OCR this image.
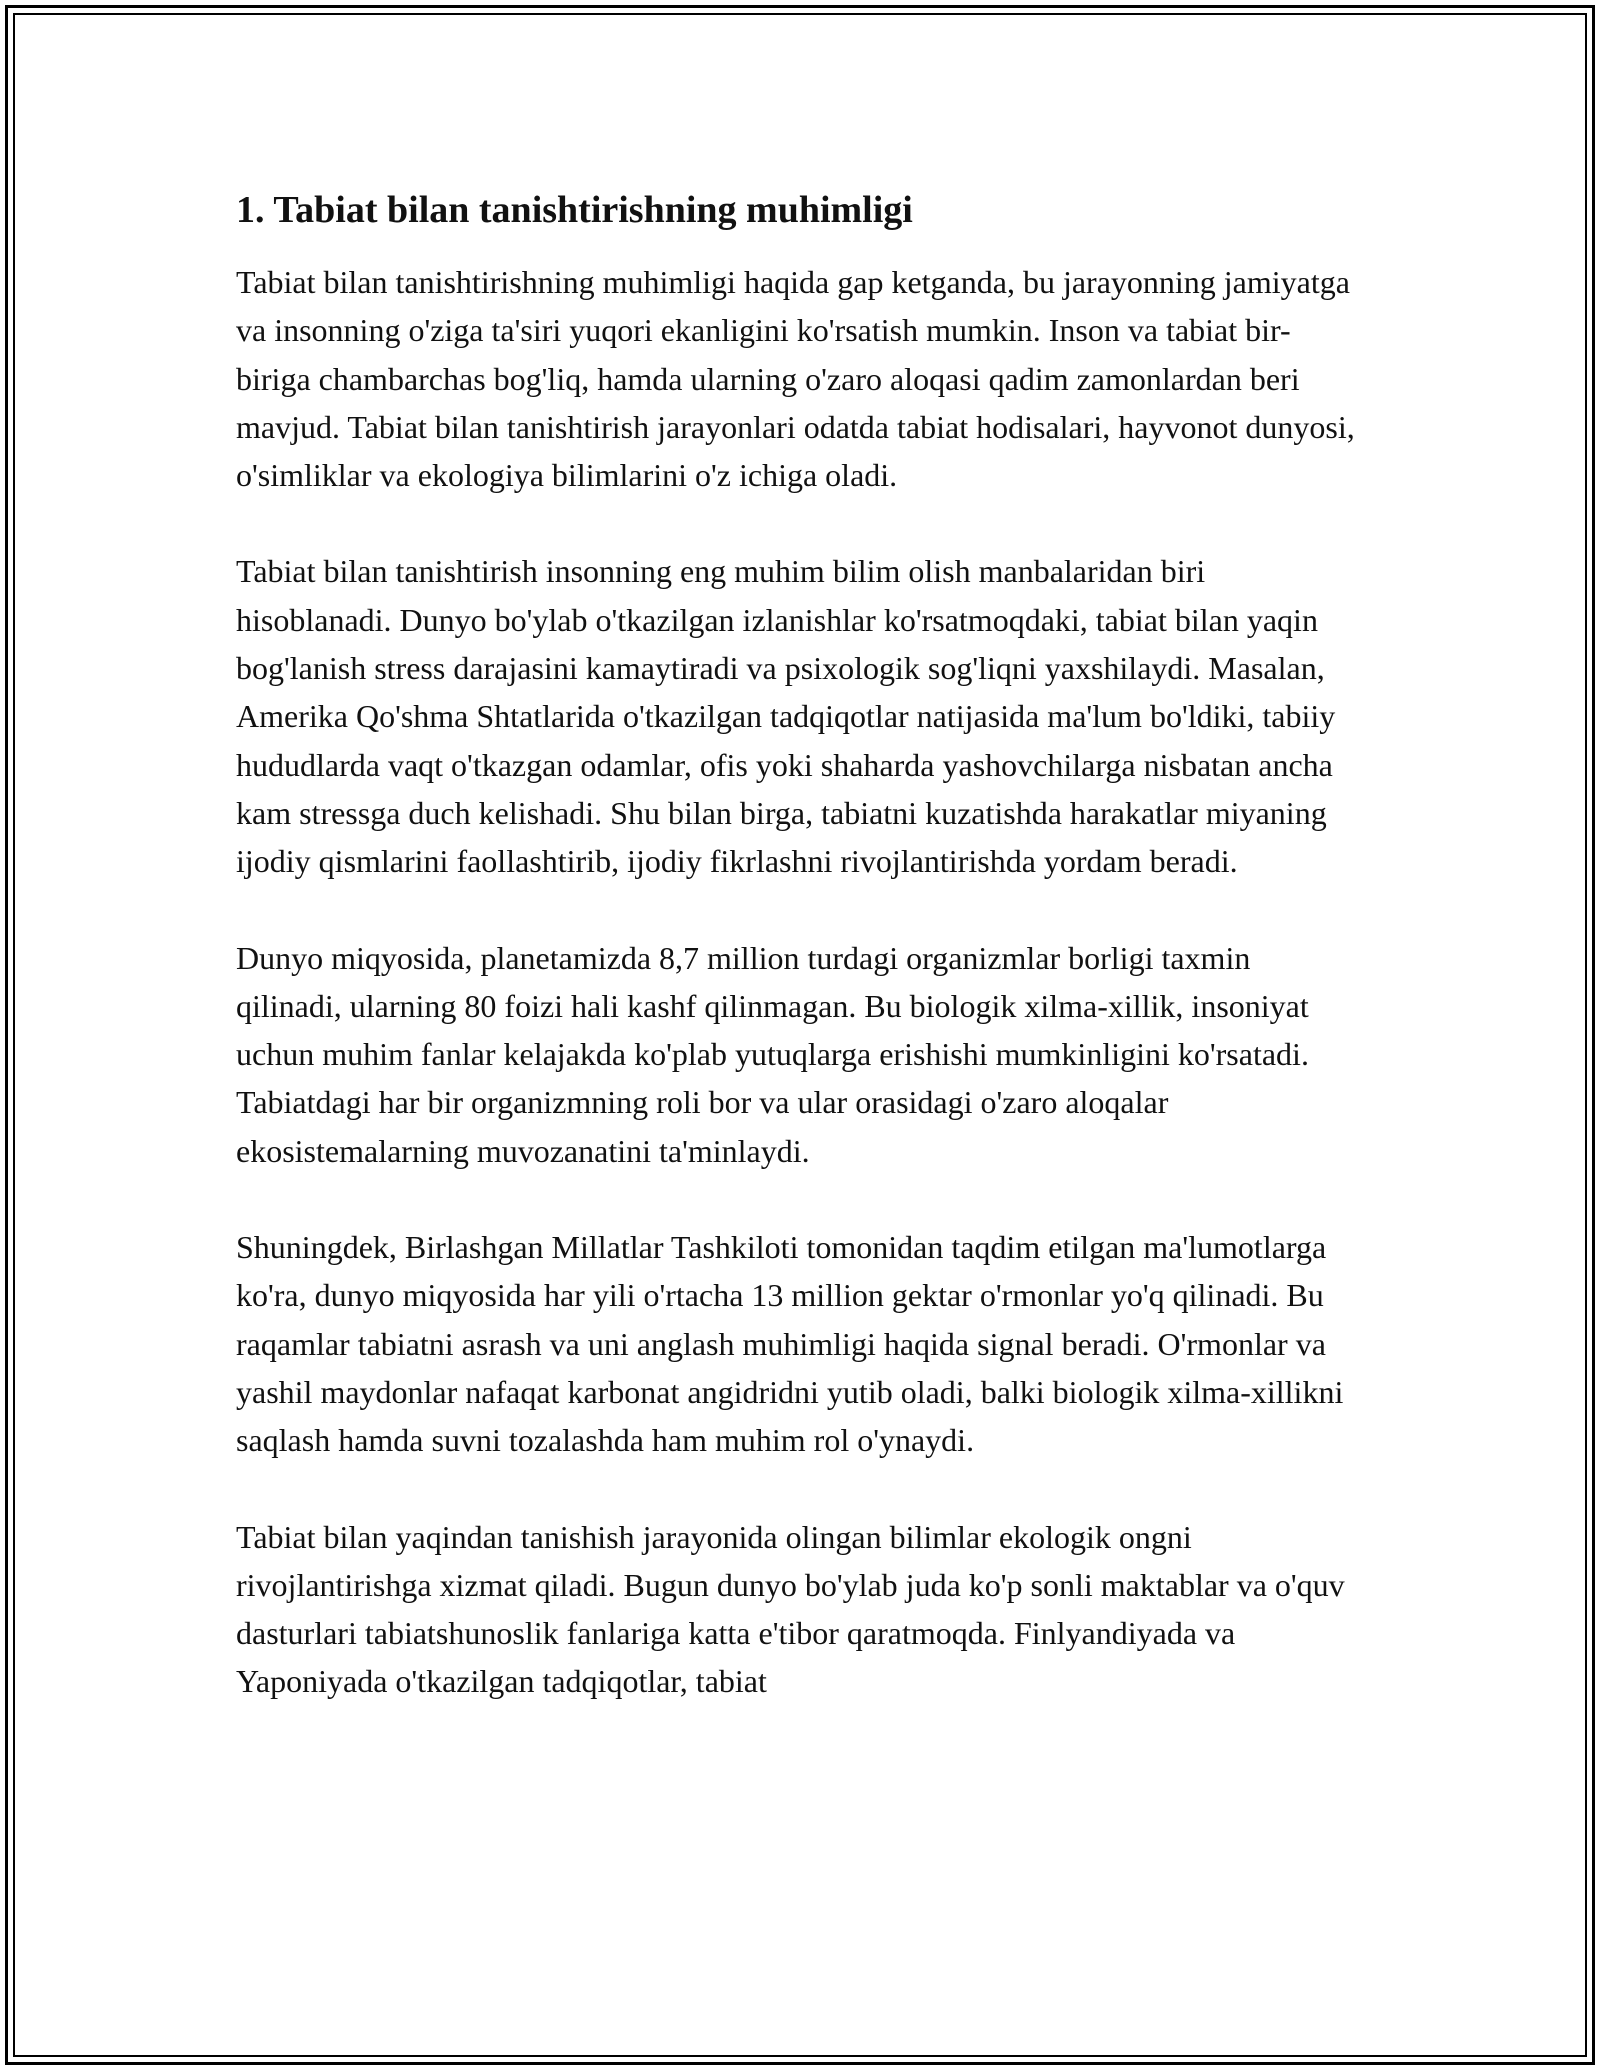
1. Tabiat bilan tanishtirishning muhimligi

Tabiat bilan tanishtirishning muhimligi haqida gap ketganda, bu jarayonning jamiyatga va insonning o'ziga ta'siri yuqori ekanligini ko'rsatish mumkin. Inson va tabiat bir-biriga chambarchas bog'liq, hamda ularning o'zaro aloqasi qadim zamonlardan beri mavjud. Tabiat bilan tanishtirish jarayonlari odatda tabiat hodisalari, hayvonot dunyosi, o'simliklar va ekologiya bilimlarini o'z ichiga oladi.

Tabiat bilan tanishtirish insonning eng muhim bilim olish manbalaridan biri hisoblanadi. Dunyo bo'ylab o'tkazilgan izlanishlar ko'rsatmoqdaki, tabiat bilan yaqin bog'lanish stress darajasini kamaytiradi va psixologik sog'liqni yaxshilaydi. Masalan, Amerika Qo'shma Shtatlarida o'tkazilgan tadqiqotlar natijasida ma'lum bo'ldiki, tabiiy hududlarda vaqt o'tkazgan odamlar, ofis yoki shaharda yashovchilarga nisbatan ancha kam stressga duch kelishadi. Shu bilan birga, tabiatni kuzatishda harakatlar miyaning ijodiy qismlarini faollashtirib, ijodiy fikrlashni rivojlantirishda yordam beradi.

Dunyo miqyosida, planetamizda 8,7 million turdagi organizmlar borligi taxmin qilinadi, ularning 80 foizi hali kashf qilinmagan. Bu biologik xilma-xillik, insoniyat uchun muhim fanlar kelajakda ko'plab yutuqlarga erishishi mumkinligini ko'rsatadi. Tabiatdagi har bir organizmning roli bor va ular orasidagi o'zaro aloqalar ekosistemalarning muvozanatini ta'minlaydi.

Shuningdek, Birlashgan Millatlar Tashkiloti tomonidan taqdim etilgan ma'lumotlarga ko'ra, dunyo miqyosida har yili o'rtacha 13 million gektar o'rmonlar yo'q qilinadi. Bu raqamlar tabiatni asrash va uni anglash muhimligi haqida signal beradi. O'rmonlar va yashil maydonlar nafaqat karbonat angidridni yutib oladi, balki biologik xilma-xillikni saqlash hamda suvni tozalashda ham muhim rol o'ynaydi.

Tabiat bilan yaqindan tanishish jarayonida olingan bilimlar ekologik ongni rivojlantirishga xizmat qiladi. Bugun dunyo bo'ylab juda ko'p sonli maktablar va o'quv dasturlari tabiatshunoslik fanlariga katta e'tibor qaratmoqda. Finlyandiyada va Yaponiyada o'tkazilgan tadqiqotlar, tabiat
